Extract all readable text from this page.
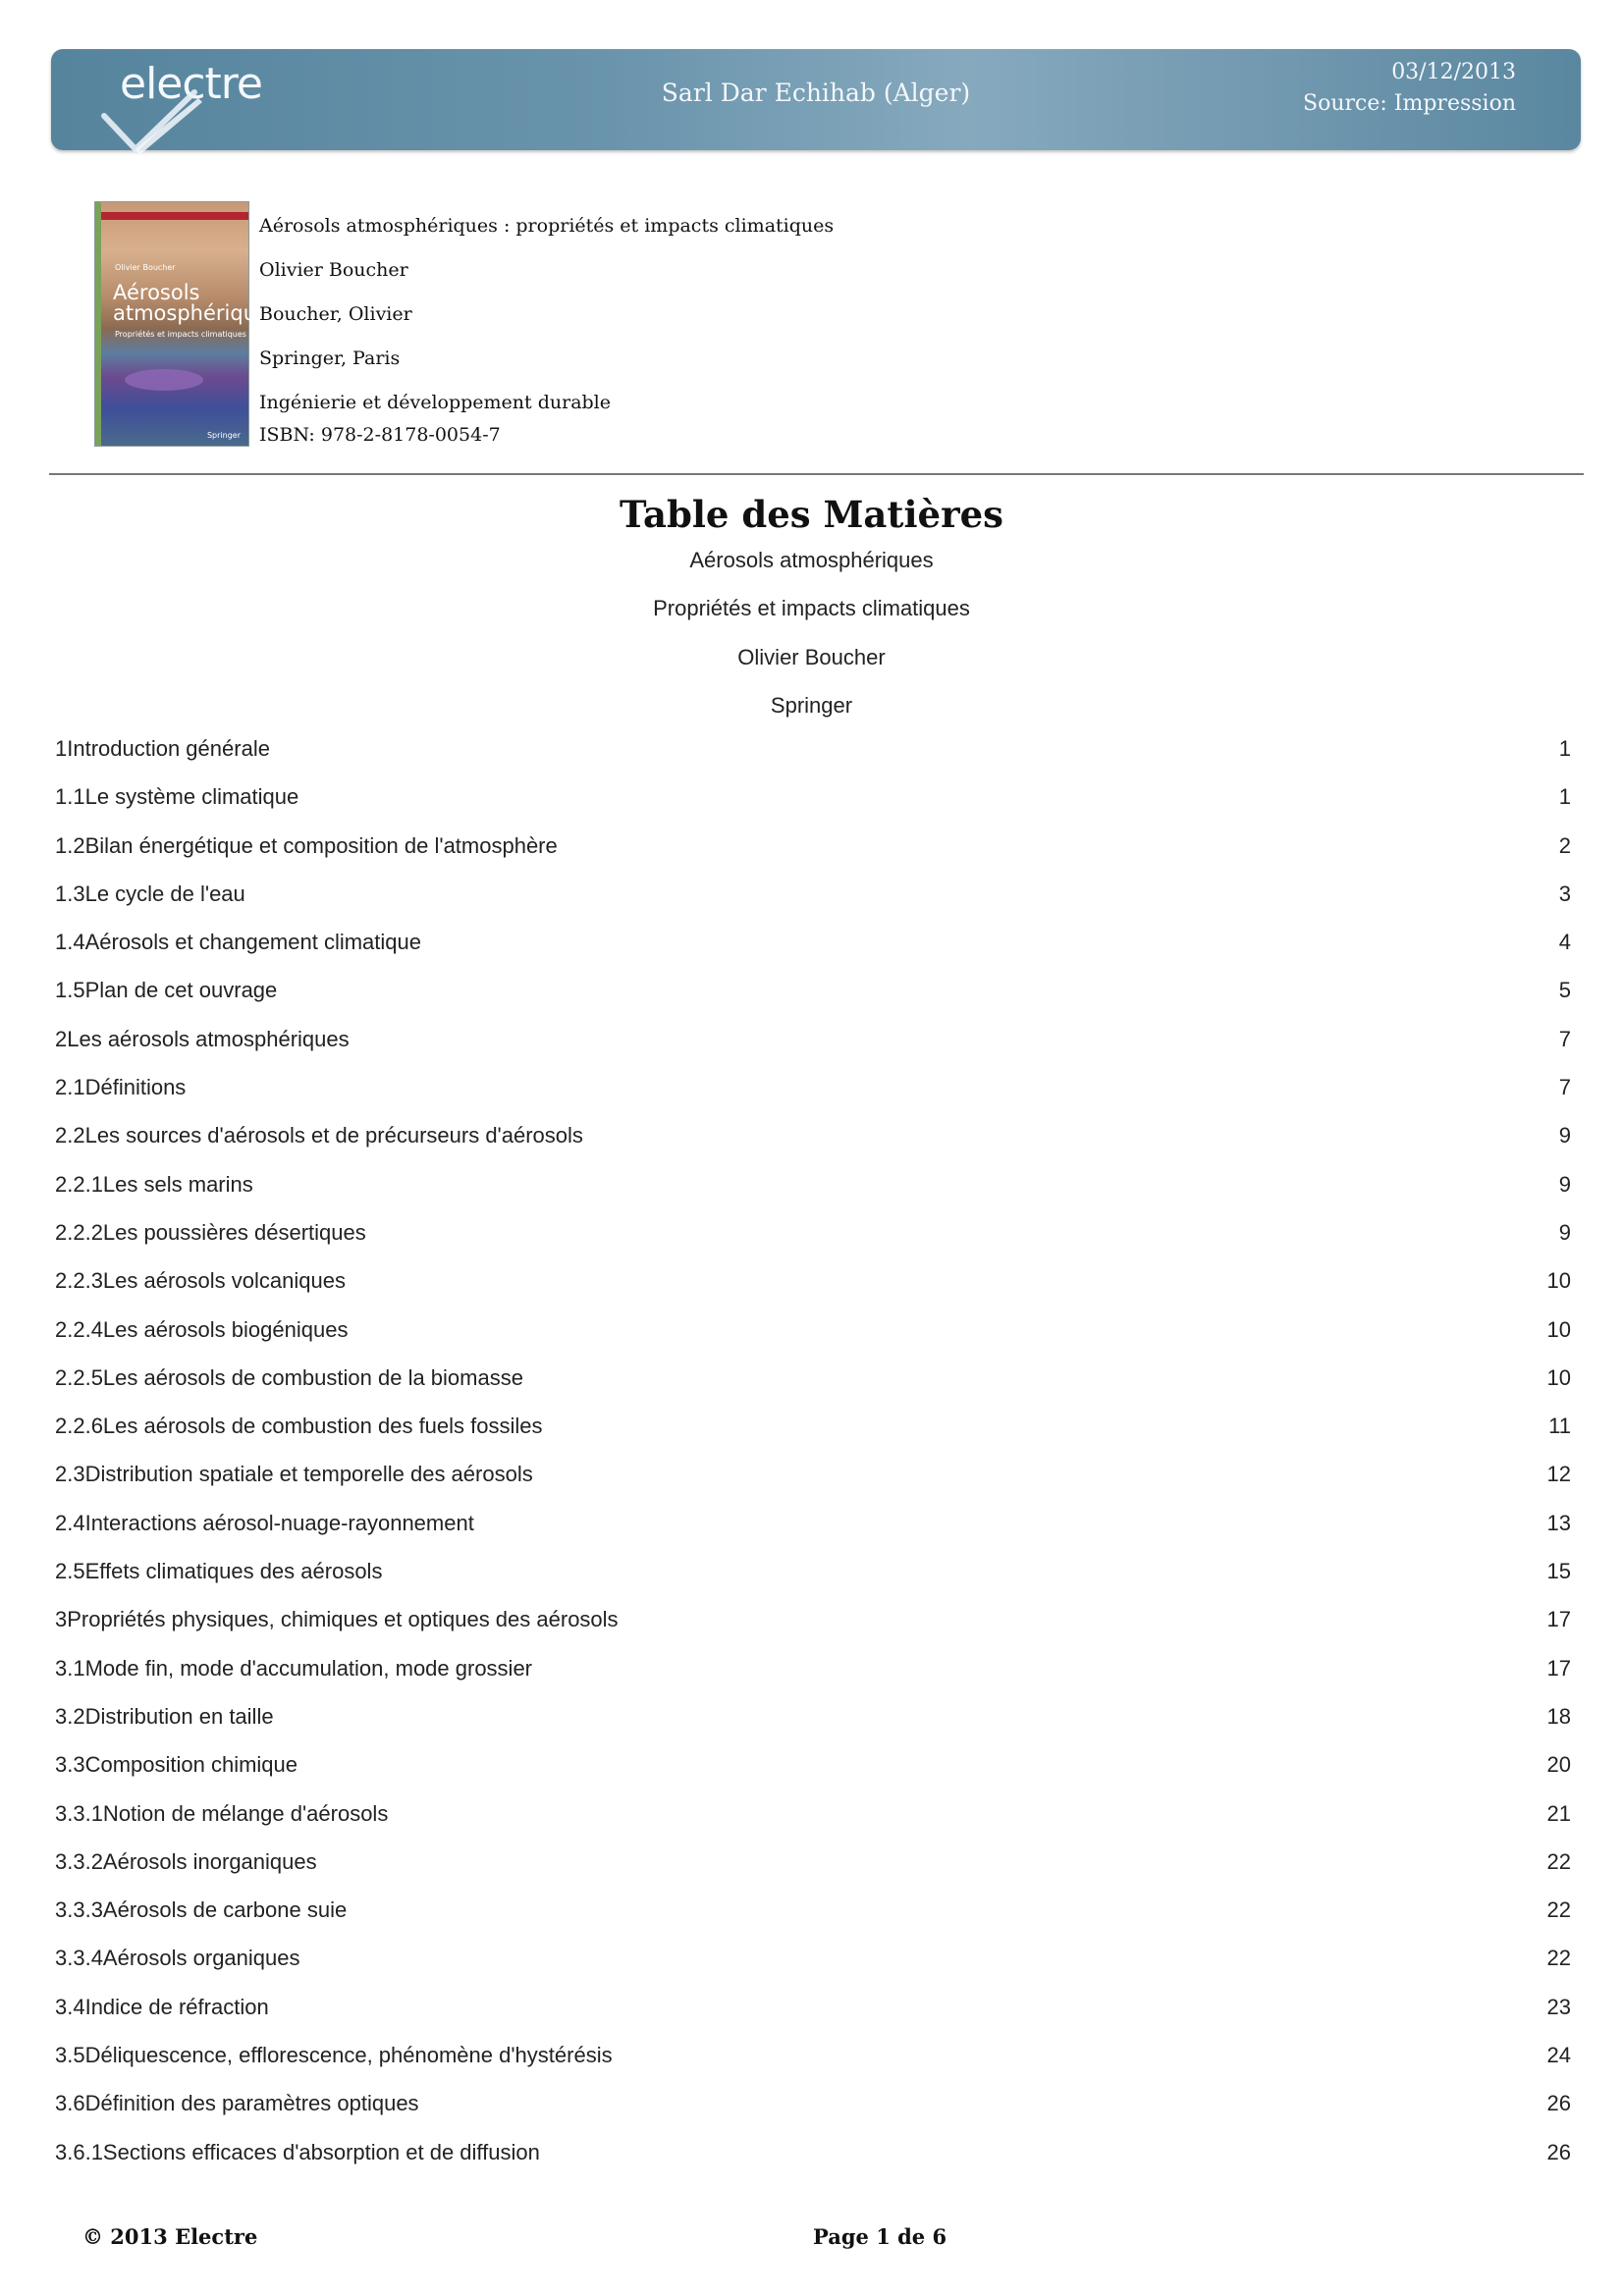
electre	Sarl Dar Echihab (Alger)
03/12/2013
Source: Impression
Olivier Boucher
Aérosols
atmosphériques
Propriétés et impacts climatiques
Springer
Aérosols atmosphériques : propriétés et impacts climatiques
Olivier Boucher
Boucher, Olivier
Springer, Paris
Ingénierie et développement durable
ISBN: 978-2-8178-0054-7
Table des Matières
Aérosols atmosphériques
Propriétés et impacts climatiques
Olivier Boucher
Springer
1Introduction générale	1
1.1Le système climatique	1
1.2Bilan énergétique et composition de l'atmosphère	2
1.3Le cycle de l'eau	3
1.4Aérosols et changement climatique	4
1.5Plan de cet ouvrage	5
2Les aérosols atmosphériques	7
2.1Définitions	7
2.2Les sources d'aérosols et de précurseurs d'aérosols	9
2.2.1Les sels marins	9
2.2.2Les poussières désertiques	9
2.2.3Les aérosols volcaniques	10
2.2.4Les aérosols biogéniques	10
2.2.5Les aérosols de combustion de la biomasse	10
2.2.6Les aérosols de combustion des fuels fossiles	11
2.3Distribution spatiale et temporelle des aérosols	12
2.4Interactions aérosol-nuage-rayonnement	13
2.5Effets climatiques des aérosols	15
3Propriétés physiques, chimiques et optiques des aérosols	17
3.1Mode fin, mode d'accumulation, mode grossier	17
3.2Distribution en taille	18
3.3Composition chimique	20
3.3.1Notion de mélange d'aérosols	21
3.3.2Aérosols inorganiques	22
3.3.3Aérosols de carbone suie	22
3.3.4Aérosols organiques	22
3.4Indice de réfraction	23
3.5Déliquescence, efflorescence, phénomène d'hystérésis	24
3.6Définition des paramètres optiques	26
3.6.1Sections efficaces d'absorption et de diffusion	26
© 2013 Electre	Page 1 de 6
